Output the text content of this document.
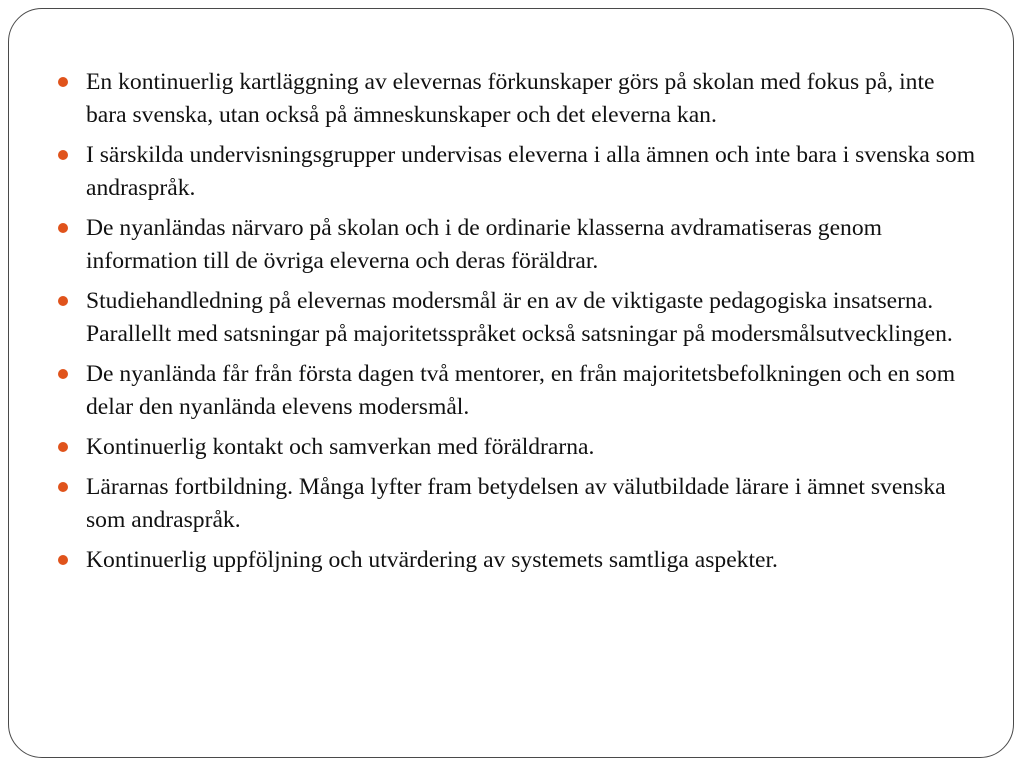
En kontinuerlig kartläggning av elevernas förkunskaper görs på skolan med fokus på, inte bara svenska, utan också på ämneskunskaper och det eleverna kan.
I särskilda undervisningsgrupper undervisas eleverna i alla ämnen och inte bara i svenska som andraspråk.
De nyanländas närvaro på skolan och i de ordinarie klasserna avdramatiseras genom information till de övriga eleverna och deras föräldrar.
Studiehandledning på elevernas modersmål är en av de viktigaste pedagogiska insatserna. Parallellt med satsningar på majoritetsspråket också satsningar på modersmålsutvecklingen.
De nyanlända får från första dagen två mentorer, en från majoritetsbefolkningen och en som delar den nyanlända elevens modersmål.
Kontinuerlig kontakt och samverkan med föräldrarna.
Lärarnas fortbildning. Många lyfter fram betydelsen av välutbildade lärare i ämnet svenska som andraspråk.
Kontinuerlig uppföljning och utvärdering av systemets samtliga aspekter.
